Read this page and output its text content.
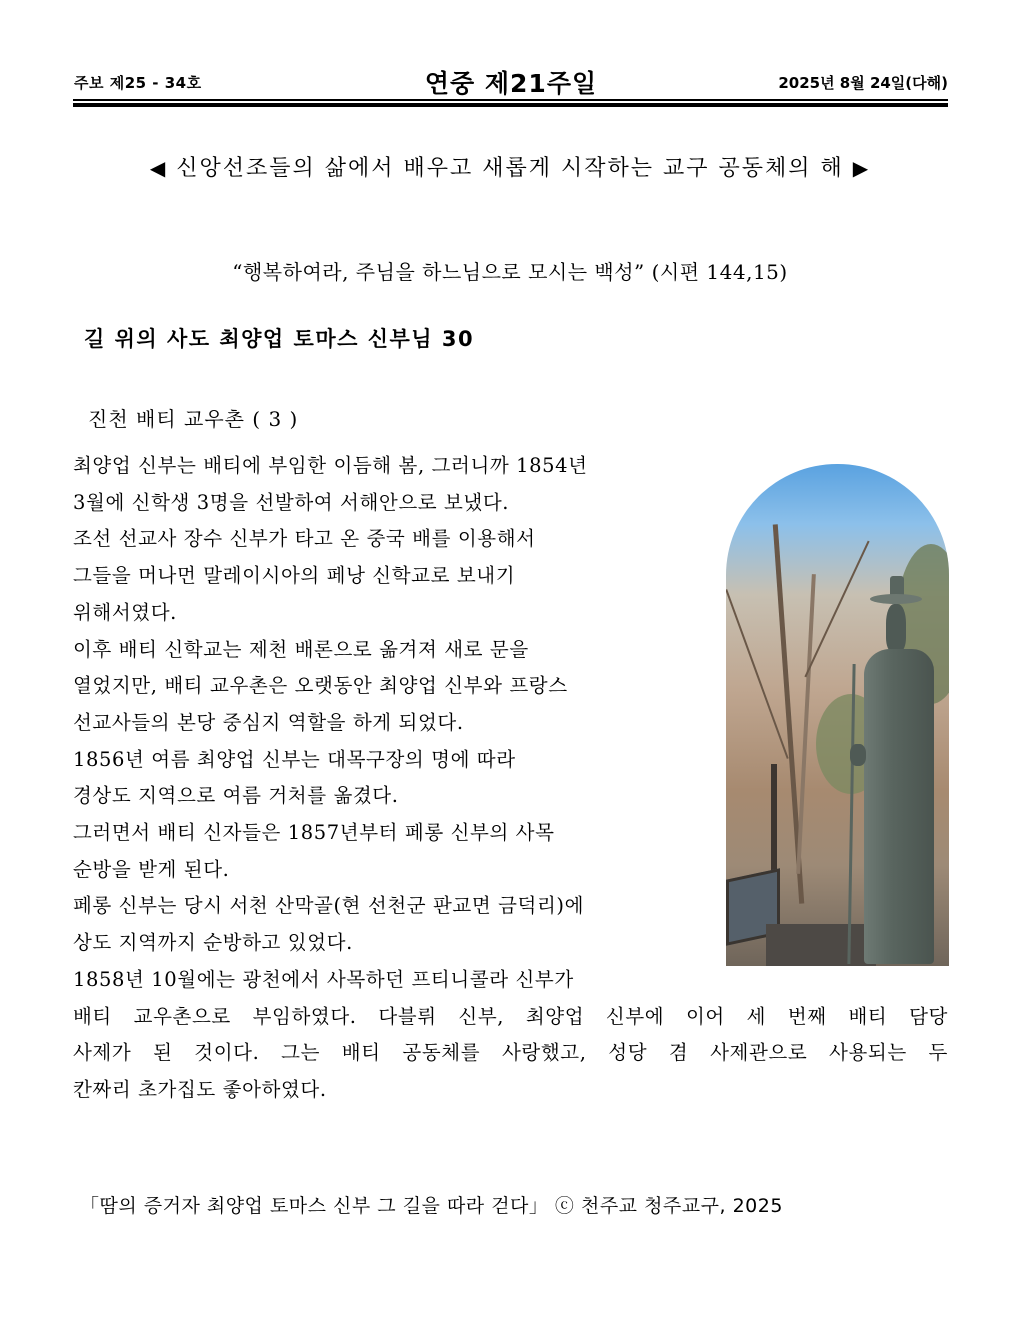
주보 제25 - 34호	연중 제21주일	2025년 8월 24일(다해)
◀ 신앙선조들의 삶에서 배우고 새롭게 시작하는 교구 공동체의 해 ▶
“행복하여라, 주님을 하느님으로 모시는 백성” (시편 144,15)
길 위의 사도 최양업 토마스 신부님 30
진천 배티 교우촌 ( 3 )
최양업 신부는 배티에 부임한 이듬해 봄, 그러니까 1854년
3월에 신학생 3명을 선발하여 서해안으로 보냈다.
조선 선교사 장수 신부가 타고 온 중국 배를 이용해서
그들을 머나먼 말레이시아의 페낭 신학교로 보내기
위해서였다.
이후 배티 신학교는 제천 배론으로 옮겨져 새로 문을
열었지만, 배티 교우촌은 오랫동안 최양업 신부와 프랑스
선교사들의 본당 중심지 역할을 하게 되었다.
1856년 여름 최양업 신부는 대목구장의 명에 따라
경상도 지역으로 여름 거처를 옮겼다.
그러면서 배티 신자들은 1857년부터 페롱 신부의 사목
순방을 받게 된다.
페롱 신부는 당시 서천 산막골(현 선천군 판교면 금덕리)에
상도 지역까지 순방하고 있었다.
1858년 10월에는 광천에서 사목하던 프티니콜라 신부가
배티 교우촌으로 부임하였다. 다블뤼 신부, 최양업 신부에 이어 세 번째 배티 담당
사제가 된 것이다. 그는 배티 공동체를 사랑했고, 성당 겸 사제관으로 사용되는 두
칸짜리 초가집도 좋아하였다.
「땀의 증거자 최양업 토마스 신부 그 길을 따라 걷다」 ⓒ 천주교 청주교구, 2025
